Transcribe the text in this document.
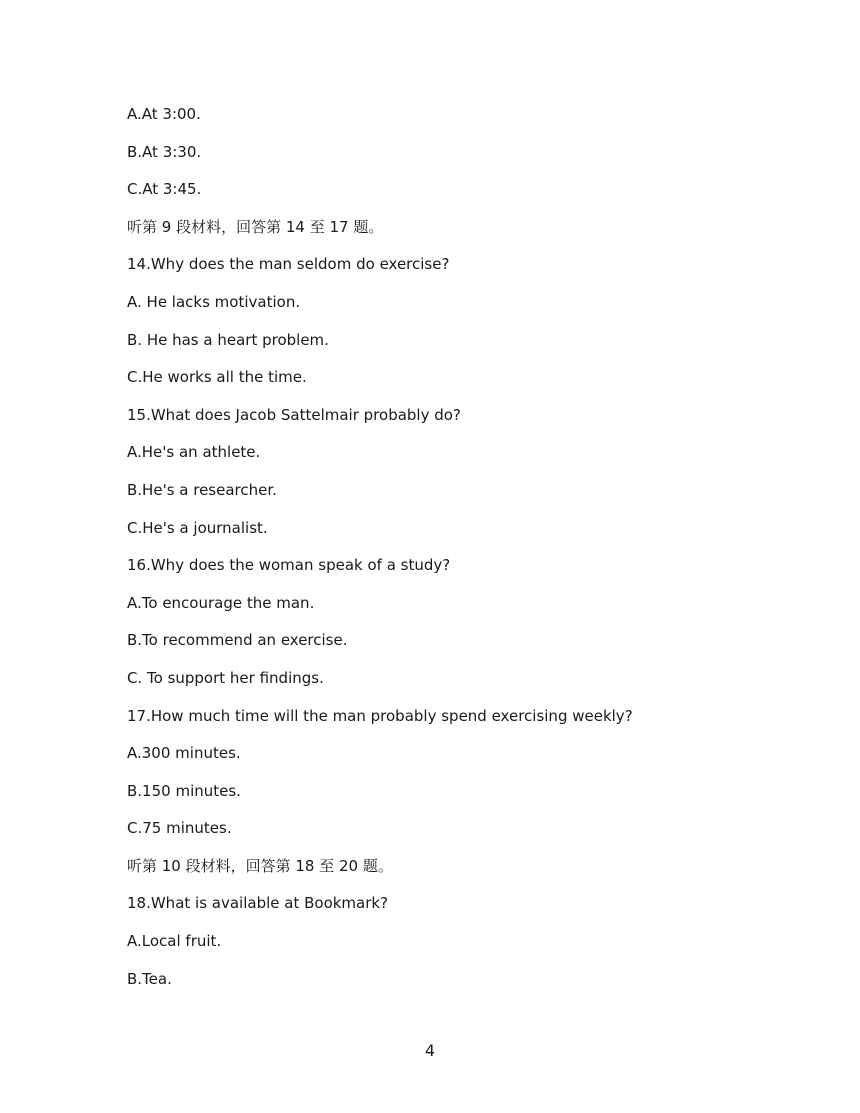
A.At 3:00.
B.At 3:30.
C.At 3:45.
听第 9 段材料，回答第 14 至 17 题。
14.Why does the man seldom do exercise?
A. He lacks motivation.
B. He has a heart problem.
C.He works all the time.
15.What does Jacob Sattelmair probably do?
A.He's an athlete.
B.He's a researcher.
C.He's a journalist.
16.Why does the woman speak of a study?
A.To encourage the man.
B.To recommend an exercise.
C. To support her findings.
17.How much time will the man probably spend exercising weekly?
A.300 minutes.
B.150 minutes.
C.75 minutes.
听第 10 段材料，回答第 18 至 20 题。
18.What is available at Bookmark?
A.Local fruit.
B.Tea.
4
